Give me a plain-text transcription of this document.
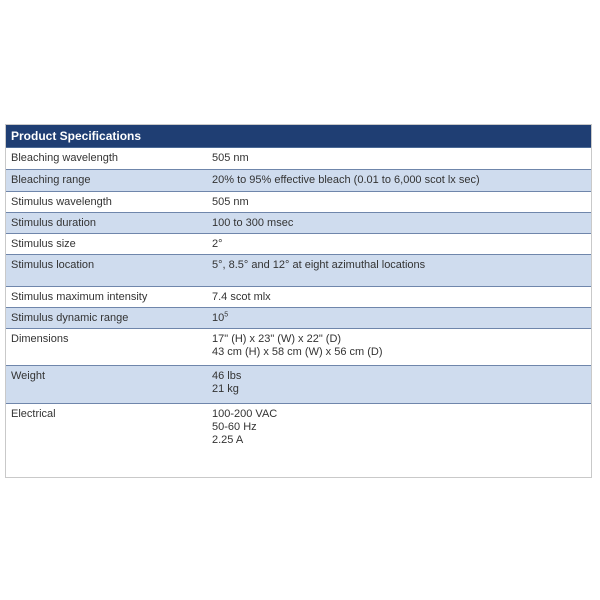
Product Specifications
Bleaching wavelength	505 nm
Bleaching range	20% to 95% effective bleach (0.01 to 6,000 scot lx sec)
Stimulus wavelength	505 nm
Stimulus duration	100 to 300 msec
Stimulus size	2°
Stimulus location	5°, 8.5° and 12° at eight azimuthal locations
Stimulus maximum intensity	7.4 scot mlx
Stimulus dynamic range	$10^5$
Dimensions	17" (H) x 23" (W) x 22" (D)
43 cm (H) x 58 cm (W) x 56 cm (D)
Weight	46 lbs
21 kg
Electrical	100-200 VAC
50-60 Hz
2.25 A
